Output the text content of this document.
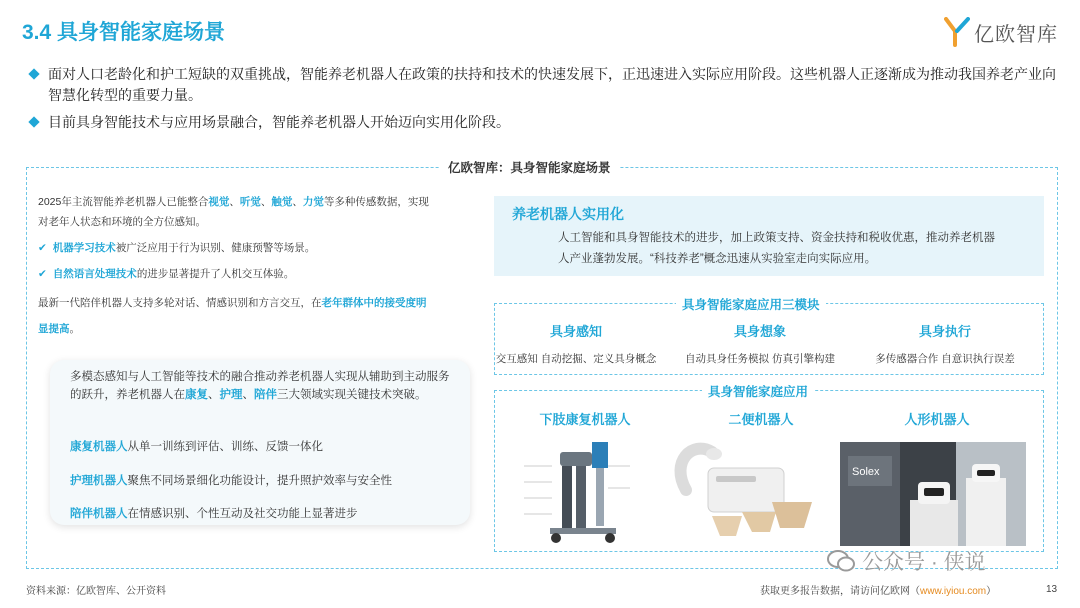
3.4 具身智能家庭场景	亿欧智库
面对人口老龄化和护工短缺的双重挑战，智能养老机器人在政策的扶持和技术的快速发展下，正迅速进入实际应用阶段。这些机器人正逐渐成为推动我国养老产业向智慧化转型的重要力量。
目前具身智能技术与应用场景融合，智能养老机器人开始迈向实用化阶段。
亿欧智库：具身智能家庭场景
2025年主流智能养老机器人已能整合视觉、听觉、触觉、力觉等多种传感数据，实现
对老年人状态和环境的全方位感知。
✔ 机器学习技术被广泛应用于行为识别、健康预警等场景。
✔ 自然语言处理技术的进步显著提升了人机交互体验。
最新一代陪伴机器人支持多轮对话、情感识别和方言交互，在老年群体中的接受度明
显提高。
多模态感知与人工智能等技术的融合推动养老机器人实现从辅助到主动服务的跃升，养老机器人在康复、护理、陪伴三大领域实现关键技术突破。
康复机器人从单一训练到评估、训练、反馈一体化
护理机器人聚焦不同场景细化功能设计，提升照护效率与安全性
陪伴机器人在情感识别、个性互动及社交功能上显著进步
养老机器人实用化
人工智能和具身智能技术的进步，加上政策支持、资金扶持和税收优惠，推动养老机器人产业蓬勃发展。“科技养老”概念迅速从实验室走向实际应用。
具身智能家庭应用三模块
具身感知
交互感知 自动挖掘、定义具身概念
具身想象
自动具身任务模拟 仿真引擎构建
具身执行
多传感器合作 自意识执行误差
具身智能家庭应用
下肢康复机器人	二便机器人	人形机器人
Solex
公众号 · 侠说
资料来源：亿欧智库、公开资料	获取更多报告数据，请访问亿欧网（www.iyiou.com）	13
